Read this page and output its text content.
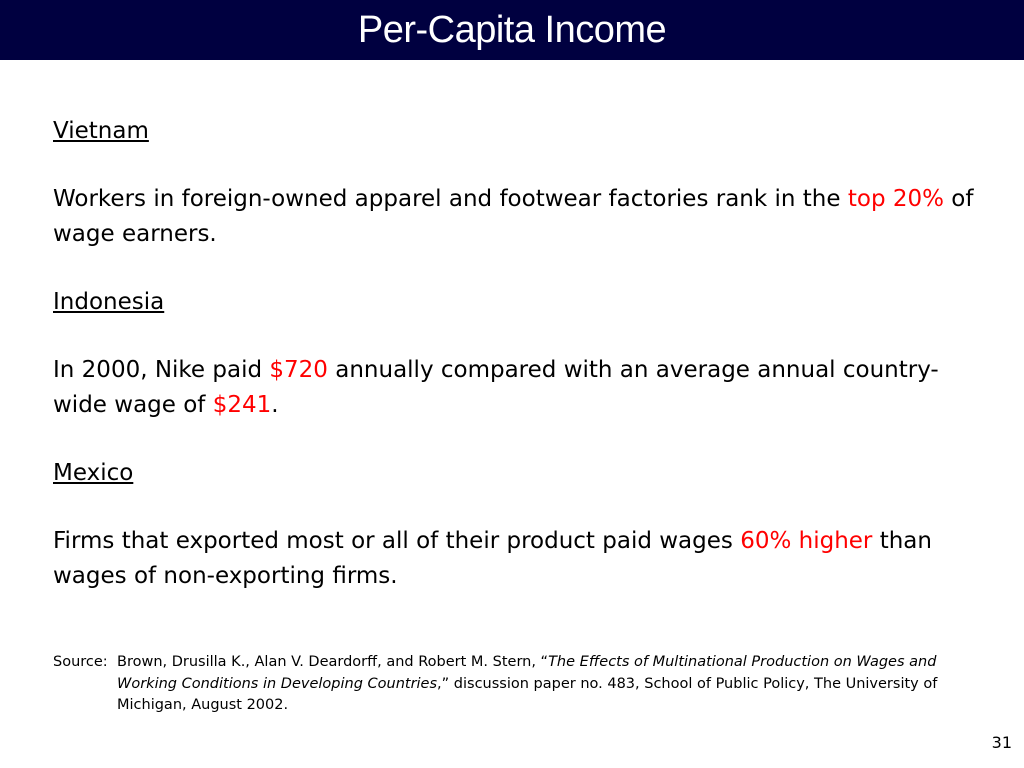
Per-Capita Income
Vietnam
Workers in foreign-owned apparel and footwear factories rank in the top 20% of wage earners.
Indonesia
In 2000, Nike paid $720 annually compared with an average annual country-wide wage of $241.
Mexico
Firms that exported most or all of their product paid wages 60% higher than wages of non-exporting firms.
Source: Brown, Drusilla K., Alan V. Deardorff, and Robert M. Stern, “The Effects of Multinational Production on Wages and Working Conditions in Developing Countries,” discussion paper no. 483, School of Public Policy, The University of Michigan, August 2002.
31
